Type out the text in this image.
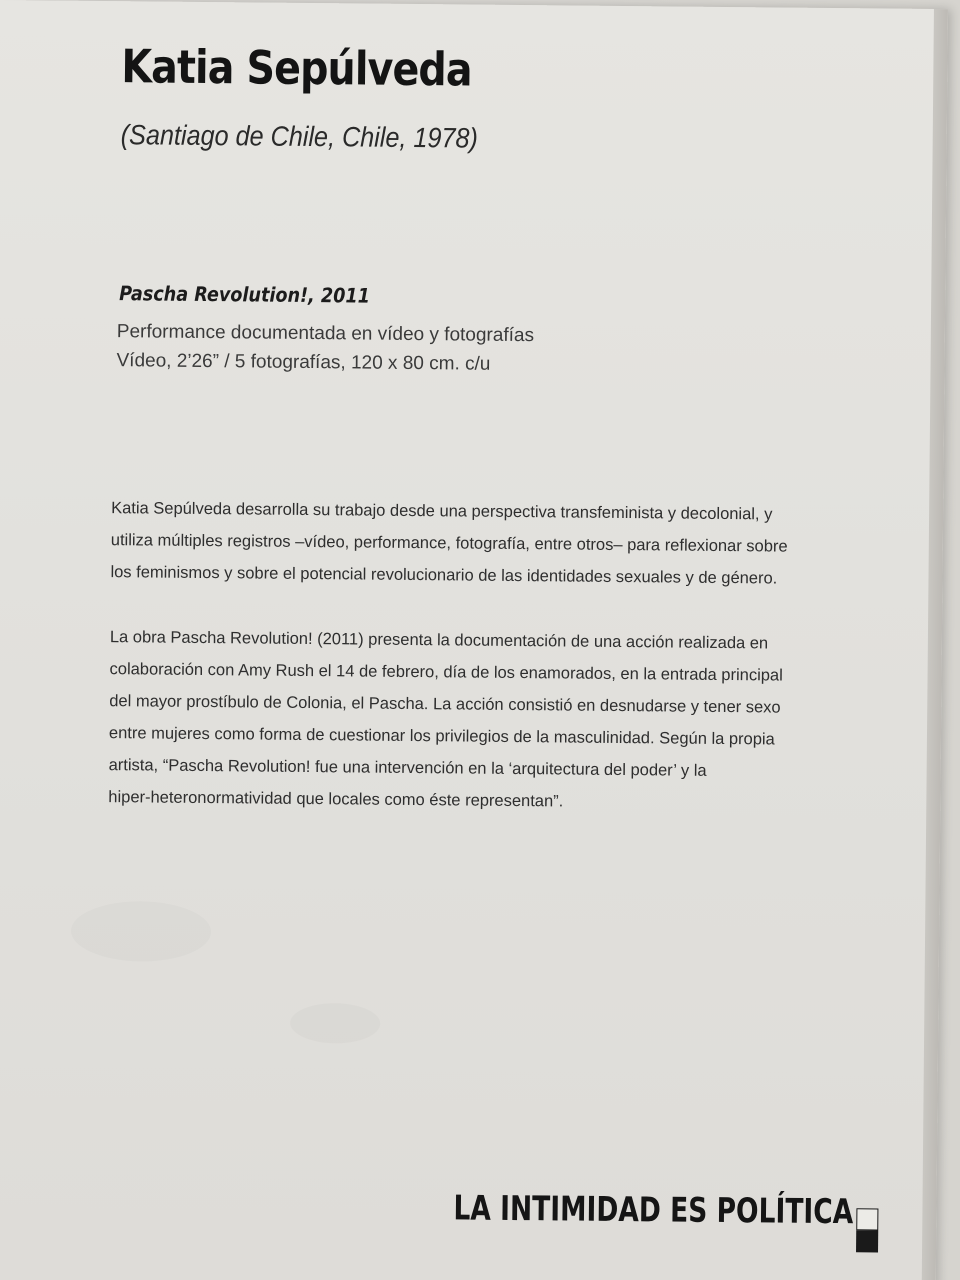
Katia Sepúlveda
(Santiago de Chile, Chile, 1978)
Pascha Revolution!, 2011
Performance documentada en vídeo y fotografías
Vídeo, 2’26” / 5 fotografías, 120 x 80 cm. c/u
Katia Sepúlveda desarrolla su trabajo desde una perspectiva transfeminista y decolonial, y
utiliza múltiples registros –vídeo, performance, fotografía, entre otros– para reflexionar sobre
los feminismos y sobre el potencial revolucionario de las identidades sexuales y de género.
La obra Pascha Revolution! (2011) presenta la documentación de una acción realizada en
colaboración con Amy Rush el 14 de febrero, día de los enamorados, en la entrada principal
del mayor prostíbulo de Colonia, el Pascha. La acción consistió en desnudarse y tener sexo
entre mujeres como forma de cuestionar los privilegios de la masculinidad. Según la propia
artista, “Pascha Revolution! fue una intervención en la ‘arquitectura del poder’ y la
hiper-heteronormatividad que locales como éste representan”.
LA INTIMIDAD ES POLÍTICA
